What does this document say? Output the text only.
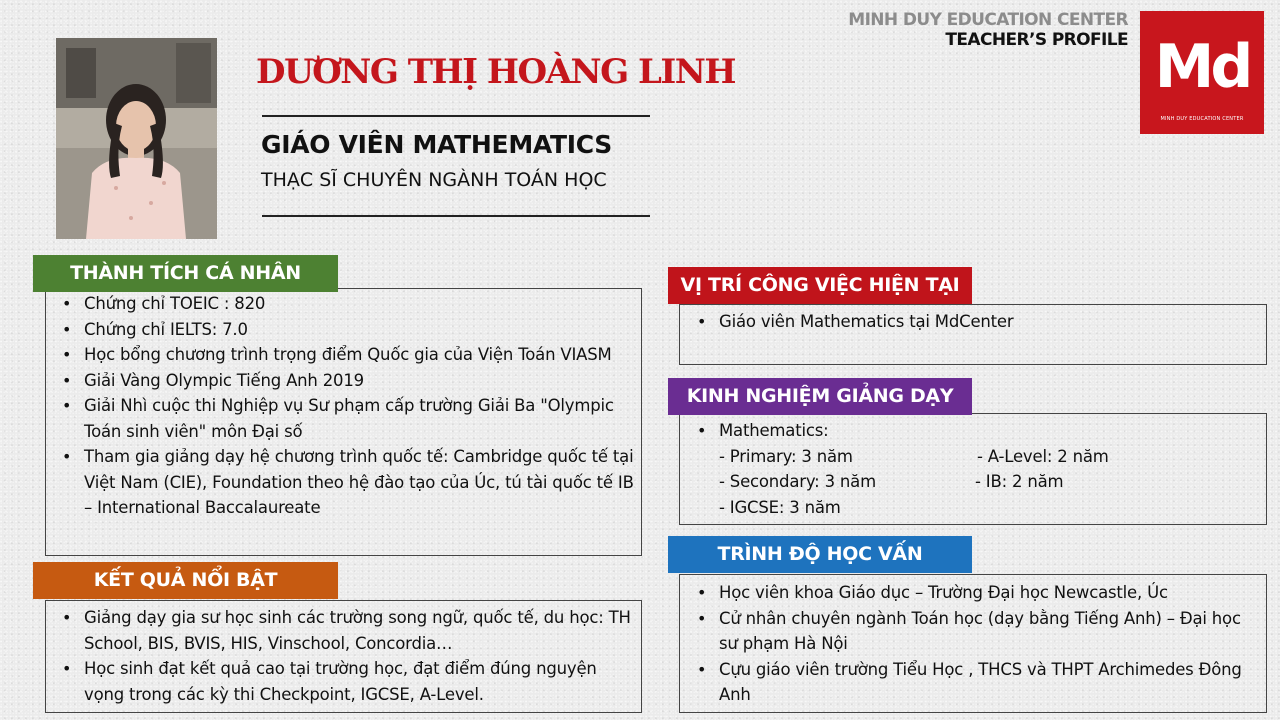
DƯƠNG THỊ HOÀNG LINH
GIÁO VIÊN MATHEMATICS
THẠC SĨ CHUYÊN NGÀNH TOÁN HỌC
MINH DUY EDUCATION CENTER
TEACHER’S PROFILE Md
MINH DUY EDUCATION CENTER
THÀNH TÍCH CÁ NHÂN
• Chứng chỉ TOEIC : 820
• Chứng chỉ IELTS: 7.0
• Học bổng chương trình trọng điểm Quốc gia của Viện Toán VIASM
• Giải Vàng Olympic Tiếng Anh 2019
• Giải Nhì cuộc thi Nghiệp vụ Sư phạm cấp trường Giải Ba "Olympic Toán sinh viên" môn Đại số
• Tham gia giảng dạy hệ chương trình quốc tế: Cambridge quốc tế tại Việt Nam (CIE), Foundation theo hệ đào tạo của Úc, tú tài quốc tế IB – International Baccalaureate
KẾT QUẢ NỔI BẬT
• Giảng dạy gia sư học sinh các trường song ngữ, quốc tế, du học: TH School, BIS, BVIS, HIS, Vinschool, Concordia…
• Học sinh đạt kết quả cao tại trường học, đạt điểm đúng nguyện vọng trong các kỳ thi Checkpoint, IGCSE, A-Level.
VỊ TRÍ CÔNG VIỆC HIỆN TẠI
• Giáo viên Mathematics tại MdCenter
KINH NGHIỆM GIẢNG DẠY
• Mathematics:
- Primary: 3 năm	- A-Level: 2 năm
- Secondary: 3 năm	- IB: 2 năm
- IGCSE: 3 năm
TRÌNH ĐỘ HỌC VẤN
• Học viên khoa Giáo dục – Trường Đại học Newcastle, Úc
• Cử nhân chuyên ngành Toán học (dạy bằng Tiếng Anh) – Đại học sư phạm Hà Nội
• Cựu giáo viên trường Tiểu Học , THCS và THPT Archimedes Đông Anh
